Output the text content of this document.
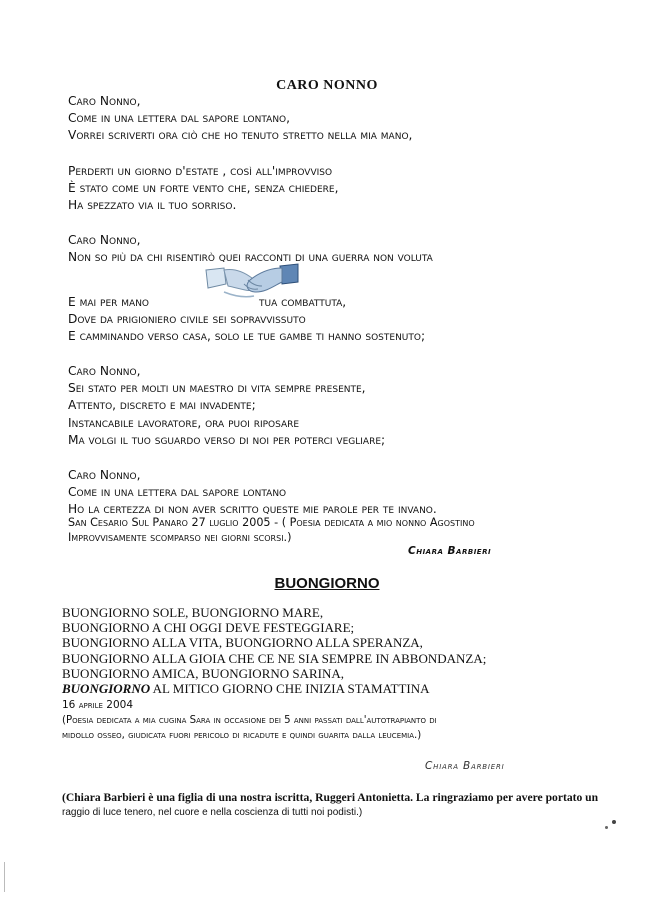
CARO NONNO
Caro Nonno,
Come in una lettera dal sapore lontano,
Vorrei scriverti ora ciò che ho tenuto stretto nella mia mano,
Perderti un giorno d'estate , così all'improvviso
È stato come un forte vento che, senza chiedere,
Ha spezzato via il tuo sorriso.
Caro Nonno,
Non so più da chi risentirò quei racconti di una guerra non voluta
E mai per mano	tua combattuta,
Dove da prigioniero civile sei sopravvissuto
E camminando verso casa, solo le tue gambe ti hanno sostenuto;
Caro Nonno,
Sei stato per molti un maestro di vita sempre presente,
Attento, discreto e mai invadente;
Instancabile lavoratore, ora puoi riposare
Ma volgi il tuo sguardo verso di noi per poterci vegliare;
Caro Nonno,
Come in una lettera dal sapore lontano
Ho la certezza di non aver scritto queste mie parole per te invano.
San Cesario Sul Panaro 27 luglio 2005 - ( Poesia dedicata a mio nonno Agostino
Improvvisamente scomparso nei giorni scorsi.)
Chiara Barbieri
BUONGIORNO
BUONGIORNO SOLE, BUONGIORNO MARE,
BUONGIORNO A CHI OGGI DEVE FESTEGGIARE;
BUONGIORNO ALLA VITA, BUONGIORNO ALLA SPERANZA,
BUONGIORNO ALLA GIOIA CHE CE NE SIA SEMPRE IN ABBONDANZA;
BUONGIORNO AMICA, BUONGIORNO SARINA,
BUONGIORNO AL MITICO GIORNO CHE INIZIA STAMATTINA
16 aprile 2004
(Poesia dedicata a mia cugina Sara in occasione dei 5 anni passati dall'autotrapianto di
midollo osseo, giudicata fuori pericolo di ricadute e quindi guarita dalla leucemia.)
Chiara Barbieri
(Chiara Barbieri è una figlia di una nostra iscritta, Ruggeri Antonietta. La ringraziamo per avere portato un
raggio di luce tenero, nel cuore e nella coscienza di tutti noi podisti.)
